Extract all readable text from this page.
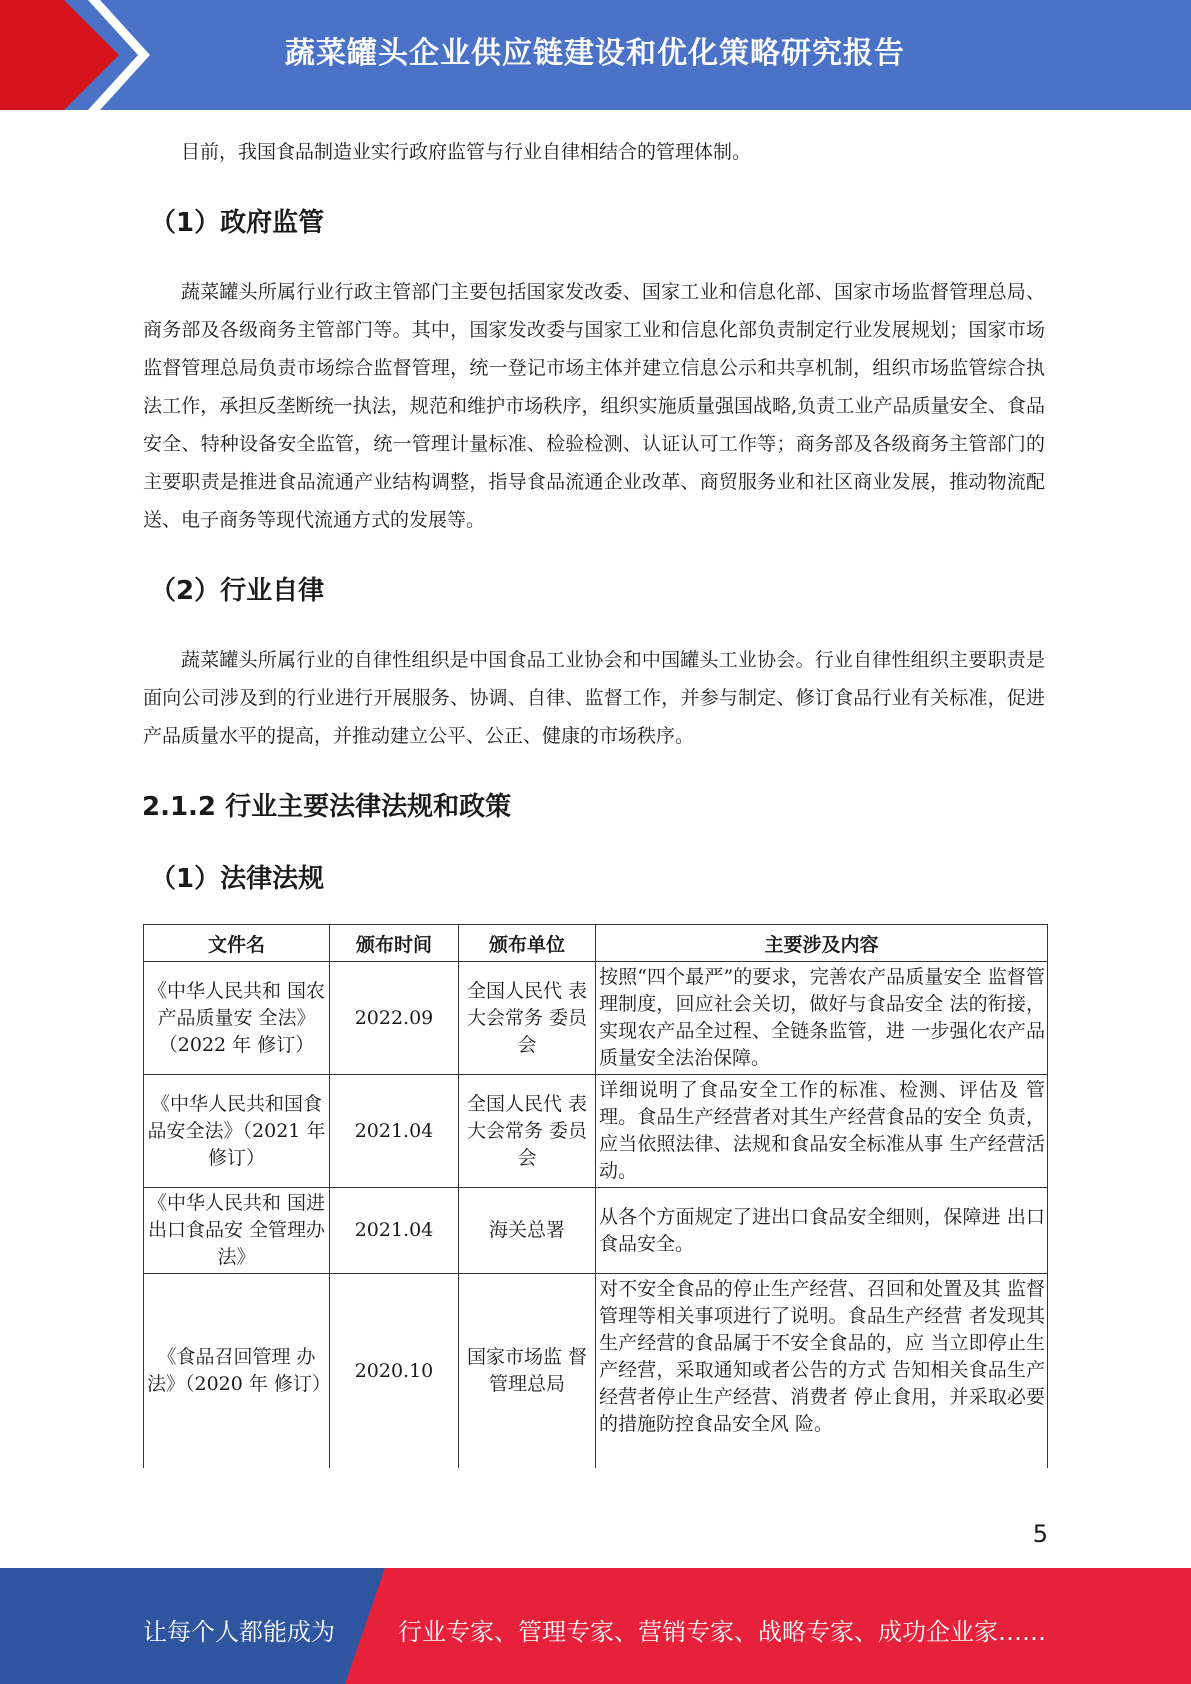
蔬菜罐头企业供应链建设和优化策略研究报告
目前，我国食品制造业实行政府监管与行业自律相结合的管理体制。
（1）政府监管
蔬菜罐头所属行业行政主管部门主要包括国家发改委、国家工业和信息化部、国家市场监督管理总局、商务部及各级商务主管部门等。其中，国家发改委与国家工业和信息化部负责制定行业发展规划；国家市场监督管理总局负责市场综合监督管理，统一登记市场主体并建立信息公示和共享机制，组织市场监管综合执法工作，承担反垄断统一执法，规范和维护市场秩序，组织实施质量强国战略,负责工业产品质量安全、食品安全、特种设备安全监管，统一管理计量标准、检验检测、认证认可工作等；商务部及各级商务主管部门的主要职责是推进食品流通产业结构调整，指导食品流通企业改革、商贸服务业和社区商业发展，推动物流配送、电子商务等现代流通方式的发展等。
（2）行业自律
蔬菜罐头所属行业的自律性组织是中国食品工业协会和中国罐头工业协会。行业自律性组织主要职责是面向公司涉及到的行业进行开展服务、协调、自律、监督工作，并参与制定、修订食品行业有关标准，促进产品质量水平的提高，并推动建立公平、公正、健康的市场秩序。
2.1.2 行业主要法律法规和政策
（1）法律法规
文件名	颁布时间	颁布单位	主要涉及内容
《中华人民共和 国农产品质量安 全法》（2022 年 修订）	2022.09	全国人民代 表大会常务 委员会	按照“四个最严”的要求，完善农产品质量安全 监督管理制度，回应社会关切，做好与食品安全 法的衔接，实现农产品全过程、全链条监管，进 一步强化农产品质量安全法治保障。
《中华人民共和国食品安全法》（2021 年修订）	2021.04	全国人民代 表大会常务 委员会	详细说明了食品安全工作的标准、检测、评估及 管理。食品生产经营者对其生产经营食品的安全 负责，应当依照法律、法规和食品安全标准从事 生产经营活动。
《中华人民共和 国进出口食品安 全管理办法》	2021.04	海关总署	从各个方面规定了进出口食品安全细则，保障进 出口食品安全。
《食品召回管理 办法》（2020 年 修订）	2020.10	国家市场监 督管理总局	对不安全食品的停止生产经营、召回和处置及其 监督管理等相关事项进行了说明。食品生产经营 者发现其生产经营的食品属于不安全食品的，应 当立即停止生产经营，采取通知或者公告的方式 告知相关食品生产经营者停止生产经营、消费者 停止食用，并采取必要的措施防控食品安全风 险。
5
让每个人都能成为	行业专家、管理专家、营销专家、战略专家、成功企业家……
